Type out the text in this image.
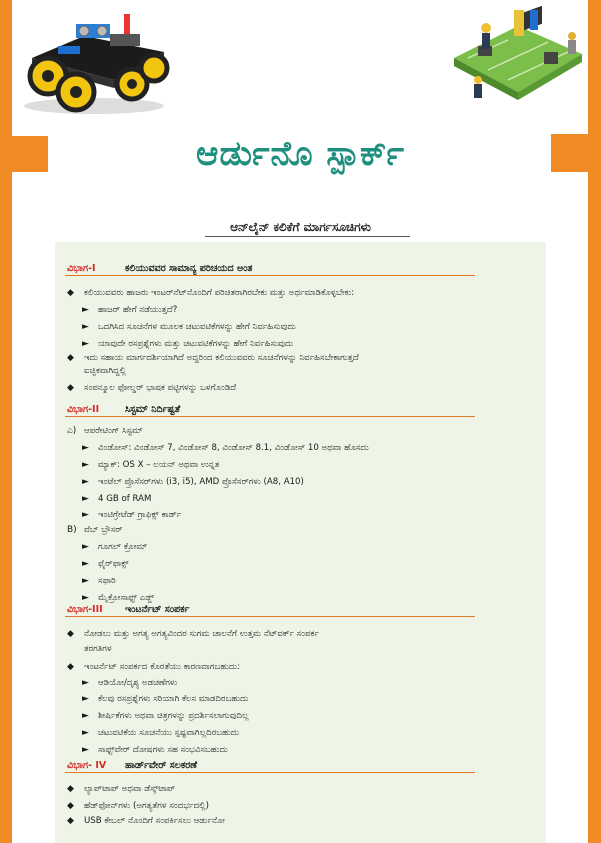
ಆರ್ಡುನೊ ಸ್ಪಾರ್ಕ್
ಆನ್‌ಲೈನ್ ಕಲಿಕೆಗೆ ಮಾರ್ಗಸೂಚಿಗಳು
ವಿಭಾಗ-I	ಕಲಿಯುವವರ ಸಾಮಾನ್ಯ ಪರಿಚಯದ ಅಂತ
◆ ಕಲಿಯುವವರು ಹಾಜರು ಇಂಟರ್‌ನೆಟ್‌ನೊಂದಿಗೆ ಪರಿಚಿತರಾಗಿರಬೇಕು ಮತ್ತು ಅರ್ಥಮಾಡಿಕೊಳ್ಳಬೇಕು:
► ಹಾಜರ್ ಹೇಗೆ ನಡೆಯುತ್ತದೆ?
► ಒದಗಿಸಿದ ಸೂಚನೆಗಳ ಮೂಲಕ ಚಟುವಟಿಕೆಗಳನ್ನು ಹೇಗೆ ನಿರ್ವಹಿಸುವುದು
► ಯಾವುದೇ ರಸಪ್ರಶ್ನೆಗಳು ಮತ್ತು ಚಟುವಟಿಕೆಗಳನ್ನು ಹೇಗೆ ನಿರ್ವಹಿಸುವುದು
◆ ಇದು ಸಹಾಯ ಮಾರ್ಗದರ್ಶಿಯಾಗಿದೆ ಅದ್ದರಿಂದ ಕಲಿಯುವವರು ಸೂಚನೆಗಳನ್ನು ನಿರ್ವಹಿಸಬೇಕಾಗುತ್ತದೆ
ಐಚ್ಛಿಕವಾಗಿದ್ದಲ್ಲಿ
◆ ಸಂಪನ್ಮೂಲ ಫೋಲ್ಡರ್ ಭಾಷಕ ಪಟ್ಟಿಗಳನ್ನು ಒಳಗೊಂಡಿದೆ
ವಿಭಾಗ-II	ಸಿಸ್ಟಮ್ ನಿರ್ದಿಷ್ಟತೆ
ಎ) ಆಪರೇಟಿಂಗ್ ಸಿಸ್ಟಮ್
► ವಿಂಡೋಸ್: ವಿಂಡೋಸ್ 7, ವಿಂಡೋಸ್ 8, ವಿಂಡೋಸ್ 8.1, ವಿಂಡೋಸ್ 10 ಅಥವಾ ಹೊಸದು
► ಮ್ಯಾಕ್: OS X – ಲಯನ್ ಅಥವಾ ಉನ್ನತ
► ಇಂಟೆಲ್ ಪ್ರೊಸೆಸರ್‌ಗಳು (i3, i5), AMD ಪ್ರೊಸೆಸರ್‌ಗಳು (A8, A10)
► 4 GB of RAM
► ಇಂಟಿಗ್ರೇಟೆಡ್ ಗ್ರಾಫಿಕ್ಸ್ ಕಾರ್ಡ್
B) ವೆಬ್ ಬ್ರೌಸರ್
► ಗೂಗಲ್ ಕ್ರೋಮ್
► ಫೈರ್‌ಫಾಕ್ಸ್
► ಸಫಾರಿ
► ಮೈಕ್ರೋಸಾಫ್ಟ್ ಎಡ್ಜ್
ವಿಭಾಗ-III ಇಂಟರ್ನೆಟ್ ಸಂಪರ್ಕ
◆ ನೋಡಲು ಮತ್ತು ಅಗತ್ಯ ಅಗತ್ಯವಿಂದರ ಸುಗಮ ಚಾಲನೆಗೆ ಉತ್ತಮ ನೆಟ್‌ವರ್ಕ್ ಸಂಪರ್ಕ
ತರಗತಿಗಳ
◆ ಇಂಟರ್ನೆಟ್ ಸಂಪರ್ಕದ ಕೊರತೆಯು ಕಾರಣವಾಗಬಹುದು:
► ಆಡಿಯೋ/ದೃಶ್ಯ ಅಡಚಣೆಗಳು
► ಕೆಲವು ರಸಪ್ರಶ್ನೆಗಳು ಸರಿಯಾಗಿ ಕೆಲಸ ಮಾಡದಿರಬಹುದು
► ಶೀರ್ಷಿಕೆಗಳು ಅಥವಾ ಚಿತ್ರಗಳನ್ನು ಪ್ರದರ್ಶಿಸಲಾಗುವುದಿಲ್ಲ
► ಚಟುವಟಿಕೆಯ ಸೂಚನೆಯು ಸ್ಪಷ್ಟವಾಗಿಲ್ಲದಿರಬಹುದು
► ಸಾಫ್ಟ್‌ವೇರ್ ದೋಷಗಳು ಸಹ ಸಂಭವಿಸಬಹುದು
ವಿಭಾಗ- IV ಹಾರ್ಡ್‌ವೇರ್ ಸಲಕರಣೆ
◆ ಲ್ಯಾಪ್‌ಟಾಪ್ ಅಥವಾ ಡೆಸ್ಕ್‌ಟಾಪ್
◆ ಹೆಡ್‌ಫೋನ್‌ಗಳು (ಅಗತ್ಯತೆಗಳ ಸಂದರ್ಭದಲ್ಲಿ)
◆ USB ಕೇಬಲ್ ನೊಂದಿಗೆ ಸಂಪರ್ಕಿಸಲು ಆರ್ಡುನೋ
